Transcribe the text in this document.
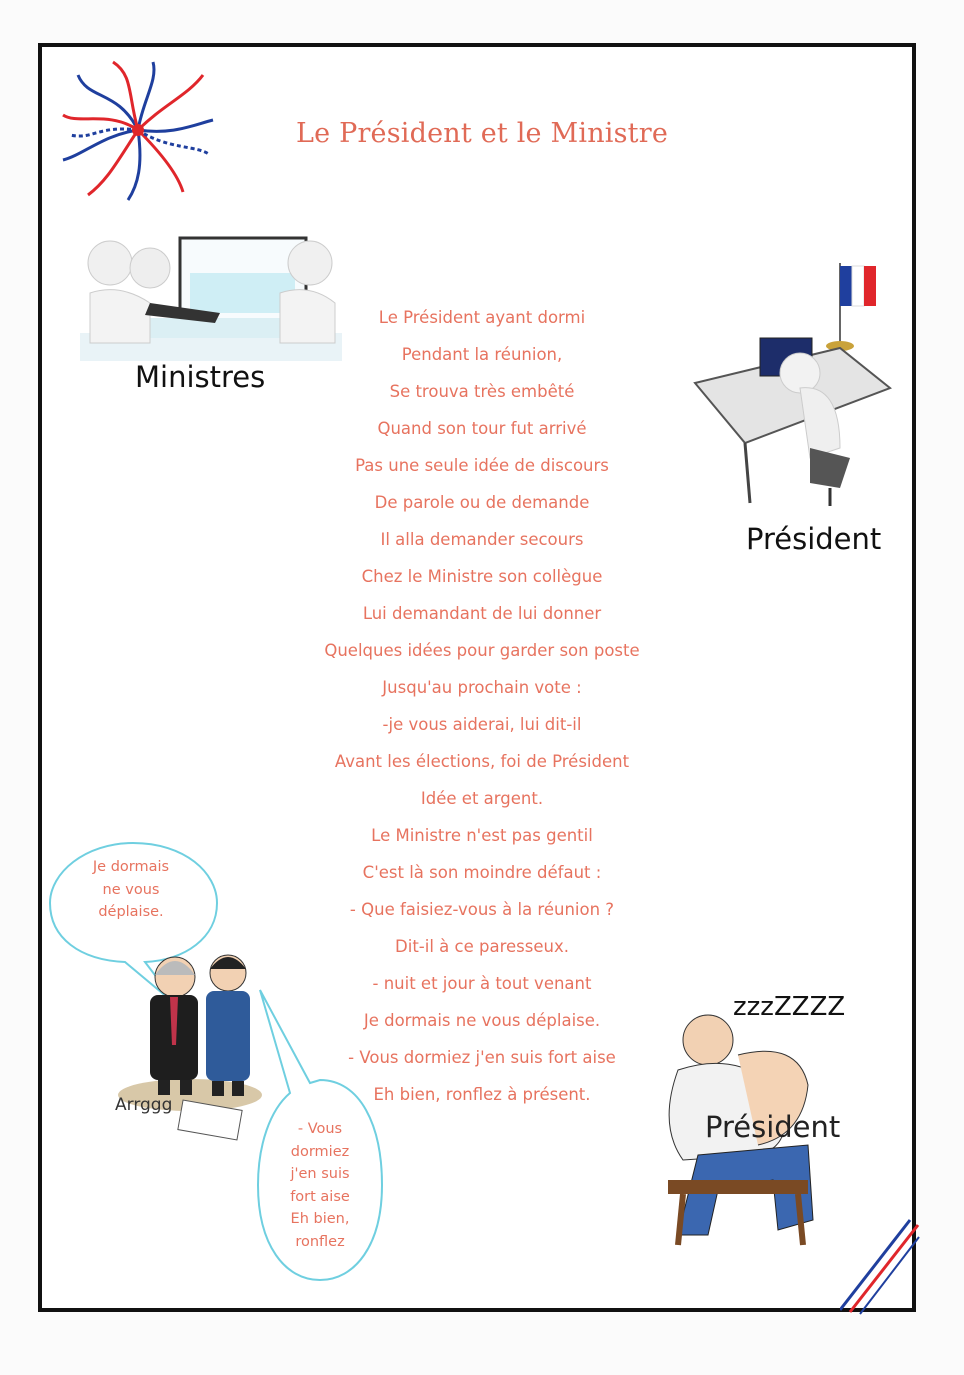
Le Président et le Ministre
Ministres
Président
Le Président ayant dormi
Pendant la réunion,
Se trouva très embêté
Quand son tour fut arrivé
Pas une seule idée de discours
De parole ou de demande
Il alla demander secours
Chez le Ministre son collègue
Lui demandant de lui donner
Quelques idées pour garder son poste
Jusqu'au prochain vote :
-je vous aiderai, lui dit-il
Avant les élections, foi de Président
Idée et argent.
Le Ministre n'est pas gentil
C'est là son moindre défaut :
- Que faisiez-vous à la réunion ?
Dit-il à ce paresseux.
- nuit et jour à tout venant
Je dormais ne vous déplaise.
- Vous dormiez j'en suis fort aise
Eh bien, ronflez à présent.
Je dormais
ne vous
déplaise.
- Vous
dormiez
j'en suis
fort aise
Eh bien,
ronflez
Arrggg
zzzZZZZ
Président
